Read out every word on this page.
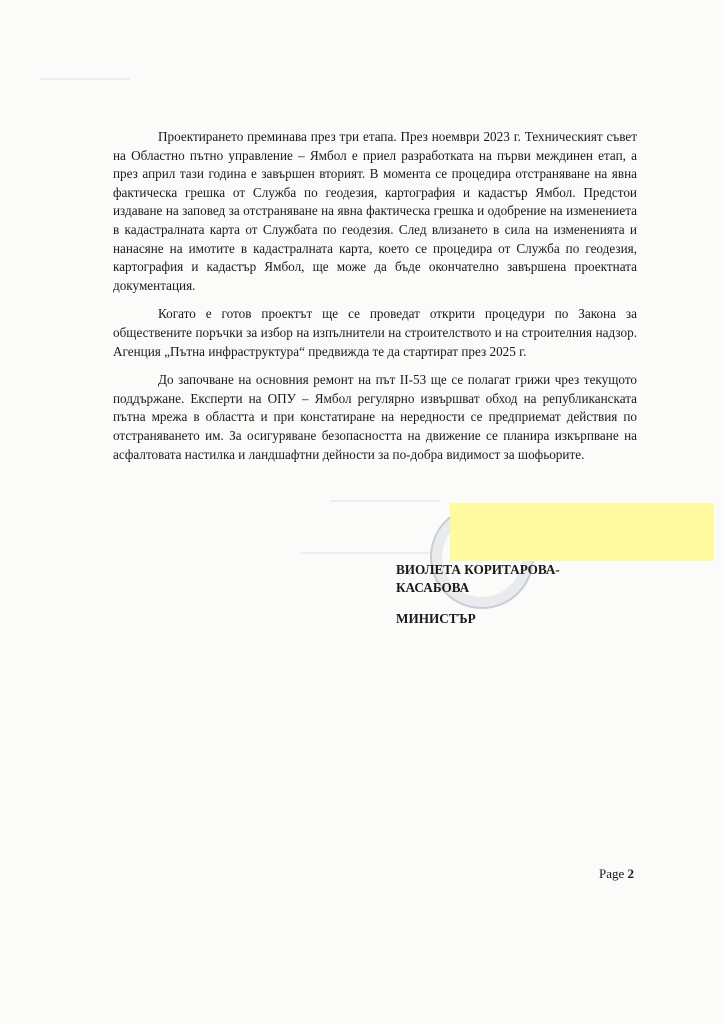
Проектирането преминава през три етапа. През ноември 2023 г. Техническият съвет на Областно пътно управление – Ямбол е приел разработката на първи междинен етап, а през април тази година е завършен вторият. В момента се процедира отстраняване на явна фактическа грешка от Служба по геодезия, картография и кадастър Ямбол. Предстои издаване на заповед за отстраняване на явна фактическа грешка и одобрение на изменениeта в кадастралната карта от Службата по геодезия. След влизането в сила на измененията и нанасяне на имотите в кадастралната карта, което се процедира от Служба по геодезия, картография и кадастър Ямбол, ще може да бъде окончателно завършена проектната документация.

Когато е готов проектът ще се проведат открити процедури по Закона за обществените поръчки за избор на изпълнители на строителството и на строителния надзор. Агенция „Пътна инфраструктура“ предвижда те да стартират през 2025 г.

До започване на основния ремонт на път II-53 ще се полагат грижи чрез текущото поддържане. Експерти на ОПУ – Ямбол регулярно извършват обход на републиканската пътна мрежа в областта и при констатиране на нередности се предприемат действия по отстраняването им. За осигуряване безопасността на движение се планира изкърпване на асфалтовата настилка и ландшафтни дейности за по-добра видимост за шофьорите.

ВИОЛЕТА КОРИТАРОВА-
КАСАБОВА
МИНИСТЪР
Page 2
